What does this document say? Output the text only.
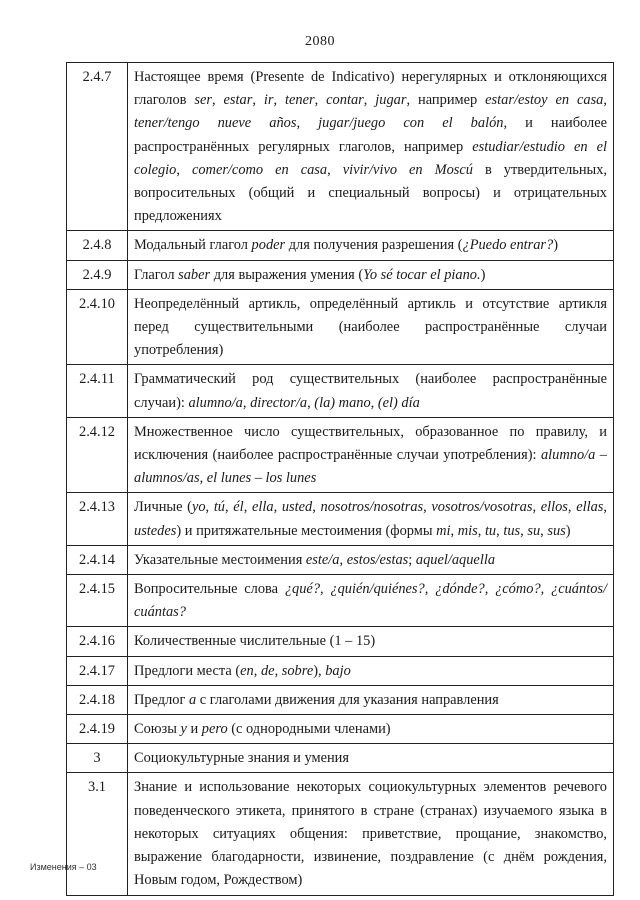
2080
2.4.7	Настоящее время (Presente de Indicativo) нерегулярных и отклоняющихся глаголов ser, estar, ir, tener, contar, jugar, например estar/estoy en casa, tener/tengo nueve años, jugar/juego con el balón, и наиболее распространённых регулярных глаголов, например estudiar/estudio en el colegio, comer/como en casa, vivir/vivo en Moscú в утвердительных, вопросительных (общий и специальный вопросы) и отрицательных предложениях
2.4.8	Модальный глагол poder для получения разрешения (¿Puedo entrar?)
2.4.9	Глагол saber для выражения умения (Yo sé tocar el piano.)
2.4.10	Неопределённый артикль, определённый артикль и отсутствие артикля перед существительными (наиболее распространённые случаи употребления)
2.4.11	Грамматический род существительных (наиболее распространённые случаи): alumno/a, director/a, (la) mano, (el) día
2.4.12	Множественное число существительных, образованное по правилу, и исключения (наиболее распространённые случаи употребления): alumno/a – alumnos/as, el lunes – los lunes
2.4.13	Личные (yo, tú, él, ella, usted, nosotros/nosotras, vosotros/vosotras, ellos, ellas, ustedes) и притяжательные местоимения (формы mi, mis, tu, tus, su, sus)
2.4.14	Указательные местоимения este/a, estos/estas; aquel/aquella
2.4.15	Вопросительные слова ¿qué?, ¿quién/quiénes?, ¿dónde?, ¿cómo?, ¿cuántos/ cuántas?
2.4.16	Количественные числительные (1 – 15)
2.4.17	Предлоги места (en, de, sobre), bajo
2.4.18	Предлог a с глаголами движения для указания направления
2.4.19	Союзы y и pero (с однородными членами)
3	Социокультурные знания и умения
3.1	Знание и использование некоторых социокультурных элементов речевого поведенческого этикета, принятого в стране (странах) изучаемого языка в некоторых ситуациях общения: приветствие, прощание, знакомство, выражение благодарности, извинение, поздравление (с днём рождения, Новым годом, Рождеством)
Изменения – 03
